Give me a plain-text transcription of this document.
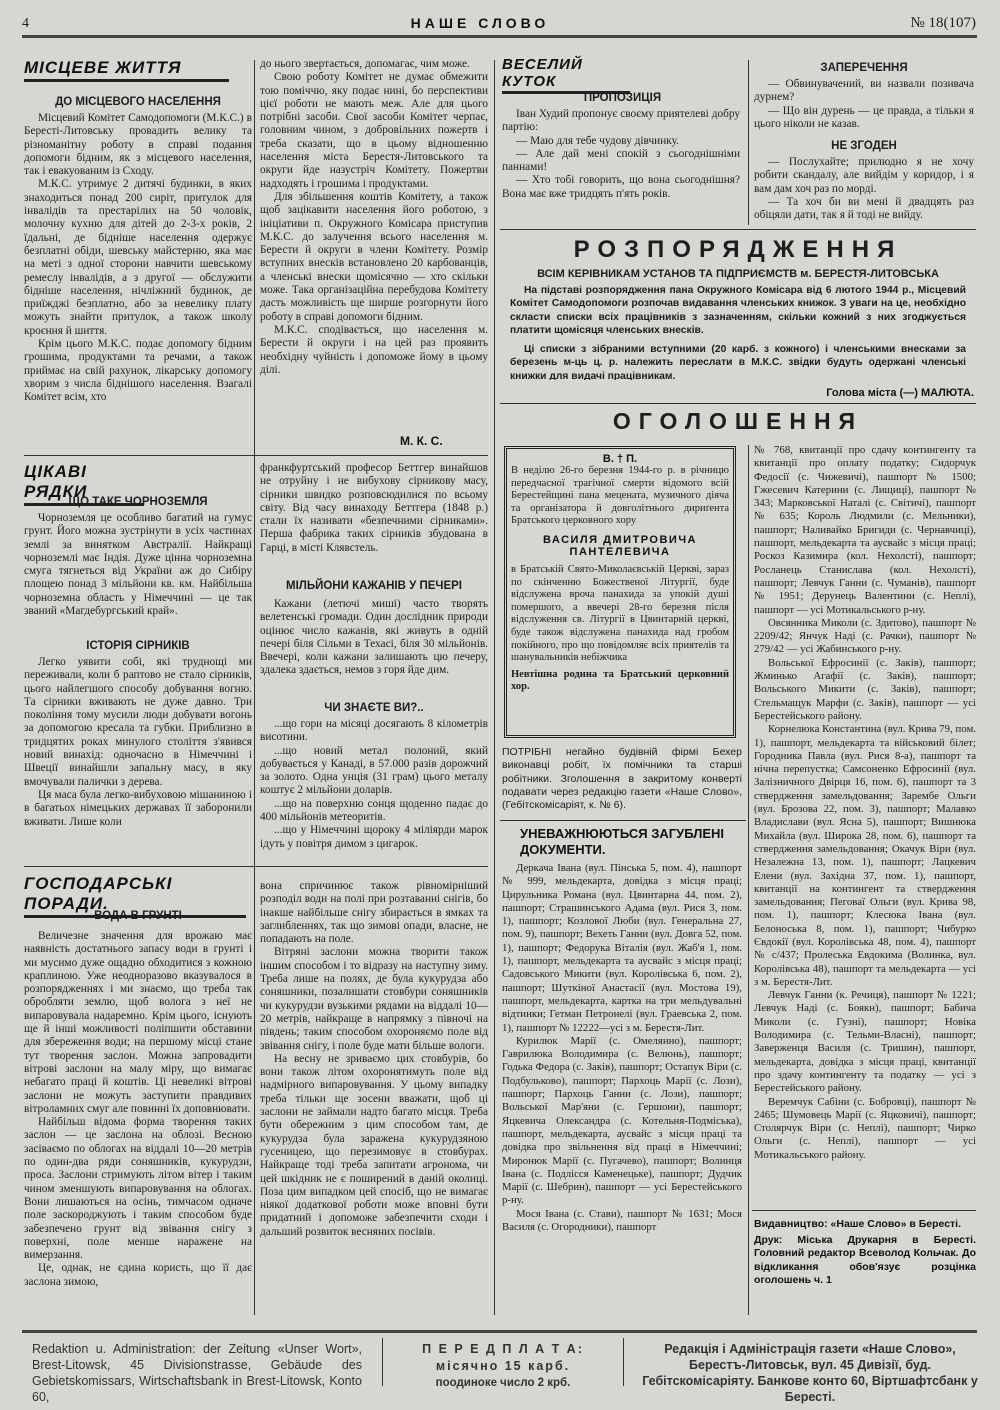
4	НАШЕ СЛОВО	№ 18(107)
МІСЦЕВЕ ЖИТТЯ
ДО МІСЦЕВОГО НАСЕЛЕННЯ

Місцевий Комітет Самодопомоги (М.К.С.) в Берестi-Литовську провадить велику та різноманітну роботу в справі подання допомоги бідним, як з місцевого населення, так і евакуованим із Сходу.

М.К.С. утримує 2 дитячі будинки, в яких знаходиться понад 200 сиріт, притулок для інвалідів та престарілих на 50 чоловік, молочну кухню для дітей до 2-3-х років, 2 їдальні, де бідніше населення одержує безплатні обіди, шевську майстерню, яка має на меті з одної сторони навчити шевському ремеслу інвалідів, а з другої — обслужити бідніше населення, нічліжний будинок, де приїжджі безплатно, або за невелику плату можуть знайти притулок, а також школу кроєння й шиття.

Крім цього М.К.С. подає допомогу бідним грошима, продуктами та речами, а також приймає на свій рахунок, лікарську допомогу хворим з числа біднішого населення. Взагалі Комітет всім, хто

до нього звертається, допомагає, чим може.

Свою роботу Комітет не думає обмежити тою поміччю, яку подає нині, бо перспективи цієї роботи не мають меж. Але для цього потрібні засоби. Свої засоби Комітет черпає, головним чином, з добровільних пожертв і треба сказати, що в цьому відношенню населення міста Берестя-Литовського та округи йде назустріч Комітету. Пожертви надходять і грошима і продуктами.

Для збільшення коштів Комітету, а також щоб зацікавити населення його роботою, з ініціативи п. Окружного Комісара приступив М.К.С. до залучення всього населення м. Берести й округи в члени Комітету. Розмір вступних внесків встановлено 20 карбованців, а членські внески щомісячно — хто скільки може. Така організаційна перебудова Комітету дасть можливість ще ширше розгорнути його роботу в справі допомоги бідним.

М.К.С. сподівається, що населення м. Берести й округи і на цей раз проявить необхідну чуйність і допоможе йому в цьому ділі.

М. К. С.
ЦІКАВІ РЯДКИ
ЩО ТАКЕ ЧОРНОЗЕМЛЯ

Чорноземля це особливо багатий на гумус грунт. Його можна зустрінути в усіх частинах землі за винятком Австралії. Найкращі чорноземлі має Індія. Дуже цінна чорноземна смуга тягнеться від України аж до Сибіру площею понад 3 мільйони кв. км. Найбільша чорноземна область у Німеччині — це так званий «Магдебургський край».

ІСТОРІЯ СІРНИКІВ

Легко уявити собі, які труднощі ми переживали, коли б раптово не стало сірників, цього найлегшого способу добування вогню. Та сірники вживають не дуже давно. Три покоління тому мусили люди добувати вогонь за допомогою кресала та губки. Приблизно в тридцятих роках минулого століття з'явився новий винахід: одночасно в Німеччині і Швеції винайшли запальну масу, в яку вмочували палички з дерева.

Ця маса була легко-вибуховою мішаниною і в багатьох німецьких державах її заборонили вживати. Лише коли

франкфуртський професор Беттгер винайшов не отруйну і не вибухову сірникову масу, сірники швидко розповсюдилися по всьому світу. Від часу винаходу Беттгера (1848 р.) стали їх називати «безпечними сірниками». Перша фабрика таких сірників збудована в Гарці, в місті Клявстель.

МІЛЬЙОНИ КАЖАНІВ У ПЕЧЕРІ

Кажани (летючі миші) часто творять велетенські громади. Один дослідник природи оцінює число кажанів, які живуть в одній печері біля Сільми в Техасі, біля 30 мільйонів. Ввечері, коли кажани залишають цю печеру, здалека здається, немов з горя йде дим.

ЧИ ЗНАЄТЕ ВИ?..

...що гори на місяці досягають 8 кілометрів висотини.

...що новий метал полоний, який добувається у Канаді, в 57.000 разів дорожчий за золото. Одна унція (31 грам) цього металу коштує 2 мільйони доларів.

...що на поверхню сонця щоденно падає до 400 мільйонів метеоритів.

...що у Німеччині щороку 4 міліярди марок ідуть у повітря димом з цигарок.

ГОСПОДАРСЬКІ ПОРАДИ.
ВОДА В ГРУНТІ

Величезне значення для врожаю має наявність достатнього запасу води в грунті і ми мусимо дуже ощадно обходитися з кожною краплиною. Уже неодноразово вказувалося в розпорядженнях і ми знаємо, що треба так обробляти землю, щоб волога з неї не випаровувала надаремно. Крім цього, існують ще й інші можливості поліпшити обставини для збереження води; на першому місці стане тут творення заслон. Можна запровадити вітрові заслони на малу міру, що вимагає небагато праці й коштів. Ці невеликі вітрові заслони не можуть заступити правдивих вітроламних смуг але повинні їх доповнювати.

Найбільш відома форма творення таких заслон — це заслона на облозі. Весною засіваємо по облогах на віддалі 10—20 метрів по один-два ряди соняшників, кукурудзи, проса. Заслони стримують літом вітер і таким чином зменшують випаровування на облогах. Вони лишаються на осінь, тимчасом одначе поле заскороджують і таким способом буде забезпечено грунт від звівання снігу з поверхні, поле менше наражене на вимерзання.

Це, однак, не єдина користь, що її дає заслона зимою,

вона спричинює також рівномірніший розподіл води на полі при розтаванні снігів, бо інакше найбільше снігу збирається в ямках та заглибленнях, так що зимові опади, власне, не попадають на поле.

Вітряні заслони можна творити також іншим способом і то відразу на наступну зиму. Треба лише на полях, де була кукурудза або соняшники, позалишати стовбури соняшників чи кукурудзи вузькими рядами на віддалі 10—20 метрів, найкраще в напрямку з півночі на південь; таким способом охороняємо поле від звівання снігу, і поле буде мати більше вологи.

На весну не зриваємо цих стовбурів, бо вони також літом охоронятимуть поле від надмірного випаровування. У цьому випадку треба тільки ще зосени вважати, щоб ці заслони не займали надто багато місця. Треба бути обережним з цим способом там, де кукурудза була заражена кукурудзяною гусеницею, що перезимовує в стовбурах. Найкраще тоді треба запитати агронома, чи цей шкідник не є поширений в даній околиці. Поза цим випадком цей спосіб, що не вимагає ніякої додаткової роботи може вповні бути придатний і допоможе забезпечити сходи і дальший розвиток весняних посівів.

ВЕСЕЛИЙ КУТОК
ПРОПОЗИЦІЯ

Іван Худий пропонує своєму приятелеві добру партію:

— Маю для тебе чудову дівчинку.

— Але дай мені спокій з сьогоднішніми паннами!

— Хто тобі говорить, що вона сьогоднішня? Вона має вже тридцять п'ять років.

ЗАПЕРЕЧЕННЯ

— Обвинувачений, ви назвали позивача дурнем?

— Що він дурень — це правда, а тільки я цього ніколи не казав.

НЕ ЗГОДЕН

— Послухайте; прилюдно я не хочу робити скандалу, але вийдім у коридор, і я вам дам хоч раз по морді.

— Та хоч би ви мені й двадцять раз обіцяли дати, так я й тоді не вийду.

РОЗПОРЯДЖЕННЯ
ВСІМ КЕРІВНИКАМ УСТАНОВ ТА ПІДПРИЄМСТВ м. БЕРЕСТЯ-ЛИТОВСЬКА

На підставі розпорядження пана Окружного Комісара від 6 лютого 1944 р., Місцевий Комітет Самодопомоги розпочав видавання членських книжок. З уваги на це, необхідно скласти списки всіх працівників з зазначенням, скільки кожний з них згоджується платити щомісяця членських внесків.

Ці списки з зібраними вступними (20 карб. з кожного) і членськими внесками за березень м-ць ц. р. належить переслати в М.К.С. звідки будуть одержані членські книжки для видачі працівникам.

Голова міста (—) МАЛЮТА.
ОГОЛОШЕННЯ
В. † П.
В неділю 26-го березня 1944-го р. в річницю передчасної трагічної смерти відомого всій Берестейщині пана мецената, музичного діяча та організатора й довголітнього дириґента Братського церковного хору
ВАСИЛЯ ДМИТРОВИЧА ПАНТЕЛЕВИЧА
в Братській Свято-Миколаєвській Церкві, зараз по скінченню Божественої Літургії, буде відслужена вроча панахида за упокій душі помершого, а ввечері 28-го березня після відслуження св. Літургії в Цвинтарній церкві, буде також відслужена панахида над гробом покійного, про що повідомляє всіх приятелів та шанувальників небіжчика
Невтішна родина та Братський церковний хор.
ПОТРІБНІ негайно будівній фірмі Бехер виконавці робіт, їх помічники та старші робітники. Зголошення в закритому конверті подавати через редакцію газети «Наше Слово», (Гебітскомісаріят, к. № 6).
УНЕВАЖНЮЮТЬСЯ ЗАГУБЛЕНІ ДОКУМЕНТИ.

Деркача Івана (вул. Пінська 5, пом. 4), пашпорт № 999, мельдекарта, довідка з місця праці; Цирульника Романа (вул. Цвинтарна 44, пом. 2), пашпорт; Страшинського Адама (вул. Рися 3, пом. 1), пашпорт; Козлової Люби (вул. Генеральна 27, пом. 9), пашпорт; Вехеть Ганни (вул. Довга 52, пом. 1), пашпорт; Федорука Віталія (вул. Жаб'я 1, пом. 1), пашпорт, мельдекарта та аусвайс з місця праці; Садовського Микити (вул. Королівська 6, пом. 2), пашпорт; Шуткіної Анастасії (вул. Мостова 19), пашпорт, мельдекарта, картка на три мельдувальні відтинки; Гетман Петронелі (вул. Граевська 2, пом. 1), пашпорт № 12222—усі з м. Берестя-Лит.

Курилюк Марії (с. Омелянно), пашпорт; Гаврилюка Володимира (с. Велюнь), пашпорт; Годька Федора (с. Заків), пашпорт; Остапук Віри (с. Подбульково), пашпорт; Пархоць Марії (с. Лози), пашпорт; Пархоць Ганни (с. Лози), пашпорт; Вольської Мар'яни (с. Гершони), пашпорт; Яцкевича Олександра (с. Котельня-Подміська), пашпорт, мельдекарта, аусвайс з місця праці та довідка про звільнення від праці в Німеччині; Миронюк Марії (с. Пугачево), пашпорт; Волинця Івана (с. Подлісся Каменецьке), пашпорт; Дудчик Марії (с. Шебрин), пашпорт — усі Берестейського р-ну.

Мося Івана (с. Стави), пашпорт № 1631; Мося Василя (с. Огородники), пашпорт

№ 768, квитанції про сдачу контингенту та квитанції про оплату податку; Сидорчук Федосії (с. Чижевичі), пашпорт № 1500; Гжесевич Катерини (с. Лищиці), пашпорт № 343; Марковської Наталі (с. Світичі), пашпорт № 635; Король Людмили (с. Мельники), пашпорт; Наливайко Бригиди (с. Чернавчиці), пашпорт, мельдекарта та аусвайс з місця праці; Роскоз Казимира (кол. Нехолсті), пашпорт; Росланець Станислава (кол. Нехолсті), пашпорт; Левчук Ганни (с. Чуманів), пашпорт № 1951; Дерунець Валентини (с. Неплі), пашпорт — усі Мотикальського р-ну.

Овсянника Миколи (с. Здитово), пашпорт № 2209/42; Янчук Наді (с. Рачки), пашпорт № 279/42 — усі Жабинського р-ну.

Вольської Ефросинії (с. Заків), пашпорт; Жминько Агафії (с. Заків), пашпорт; Вольського Микити (с. Заків), пашпорт; Стельмащук Марфи (с. Заків), пашпорт — усі Берестейського району.

Корнелюка Константина (вул. Крива 79, пом. 1), пашпорт, мельдекарта та військовий білет; Городника Павла (вул. Рися 8-а), пашпорт та нічна перепустка; Самсоненко Ефросинії (вул. Залізничного Двірця 16, пом. 6), пашпорт та 3 ствердження замельдовання; Зарембе Ольги (вул. Брозова 22, пом. 3), пашпорт; Малавко Владислави (вул. Ясна 5), пашпорт; Вишнюка Михайла (вул. Широка 28, пом. 6), пашпорт та ствердження замельдовання; Окачук Віри (вул. Незалежна 13, пом. 1), пашпорт; Лацкевич Елени (вул. Західна 37, пом. 1), пашпорт, квитанції на контингент та ствердження замельдовання; Пеговаї Ольги (вул. Крива 98, пом. 1), пашпорт; Клесюка Івана (вул. Белоноська 8, пом. 1), пашпорт; Чибурко Євдокії (вул. Королівська 48, пом. 4), пашпорт № с/437; Пролеська Евдокима (Волинка, вул. Королівська 48), пашпорт та мельдекарта — усі з м. Берестя-Лит.

Левчук Ганни (к. Речиця), пашпорт № 1221; Левчук Наді (с. Боякн), пашпорт; Бабича Миколи (с. Гузні), пашпорт; Новіка Володимира (с. Тельми-Власні), пашпорт; Заверженця Василя (с. Тришин), пашпорт, мельдекарта, довідка з місця праці, квитанції про здачу контингенту та податку — усі з Берестейського району.

Веремчук Сабіни (с. Бобровці), пашпорт № 2465; Шумовець Марії (с. Яцковичі), пашпорт; Столярчук Віри (с. Неплі), пашпорт; Чирко Ольги (с. Неплі), пашпорт — усі Мотикальського району.

Видавництво: «Наше Слово» в Берестi.
Друк: Міська Друкарня в Берестi. Головний редактор Всеволод Кольчак. До відкликання обов'язує розцінка оголошень ч. 1
Redaktion u. Administration: der Zeitung «Unser Wort», Brest-Litowsk, 45 Divisionstrasse, Gebäude des Gebietskomissars, Wirtschaftsbank in Brest-Litowsk, Konto 60,
П Е Р Е Д П Л А Т А:
місячно 15 карб.
поодиноке число 2 крб.
Редакція і Адміністрація газети «Наше Слово», Берестъ-Литовськ, вул. 45 Дивізії, буд. Гебітскомісаріяту. Банкове конто 60, Віртшафтсбанк у Берестi.
